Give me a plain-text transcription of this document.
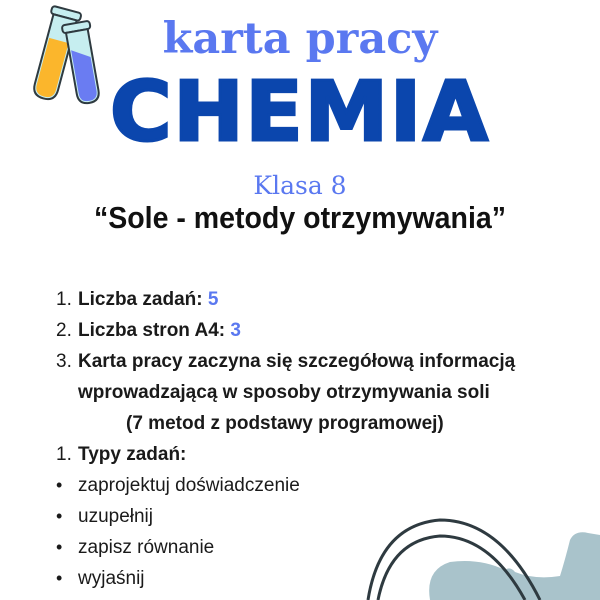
karta pracy
CHEMIA
Klasa 8
“Sole - metody otrzymywania”
1. Liczba zadań:
5
2. Liczba stron A4:
3
3. Karta pracy zaczyna się szczegółową informacją
wprowadzającą w sposoby otrzymywania soli
(7 metod z podstawy programowej)
1. Typy zadań:
• zaprojektuj doświadczenie
• uzupełnij
• zapisz równanie
• wyjaśnij
